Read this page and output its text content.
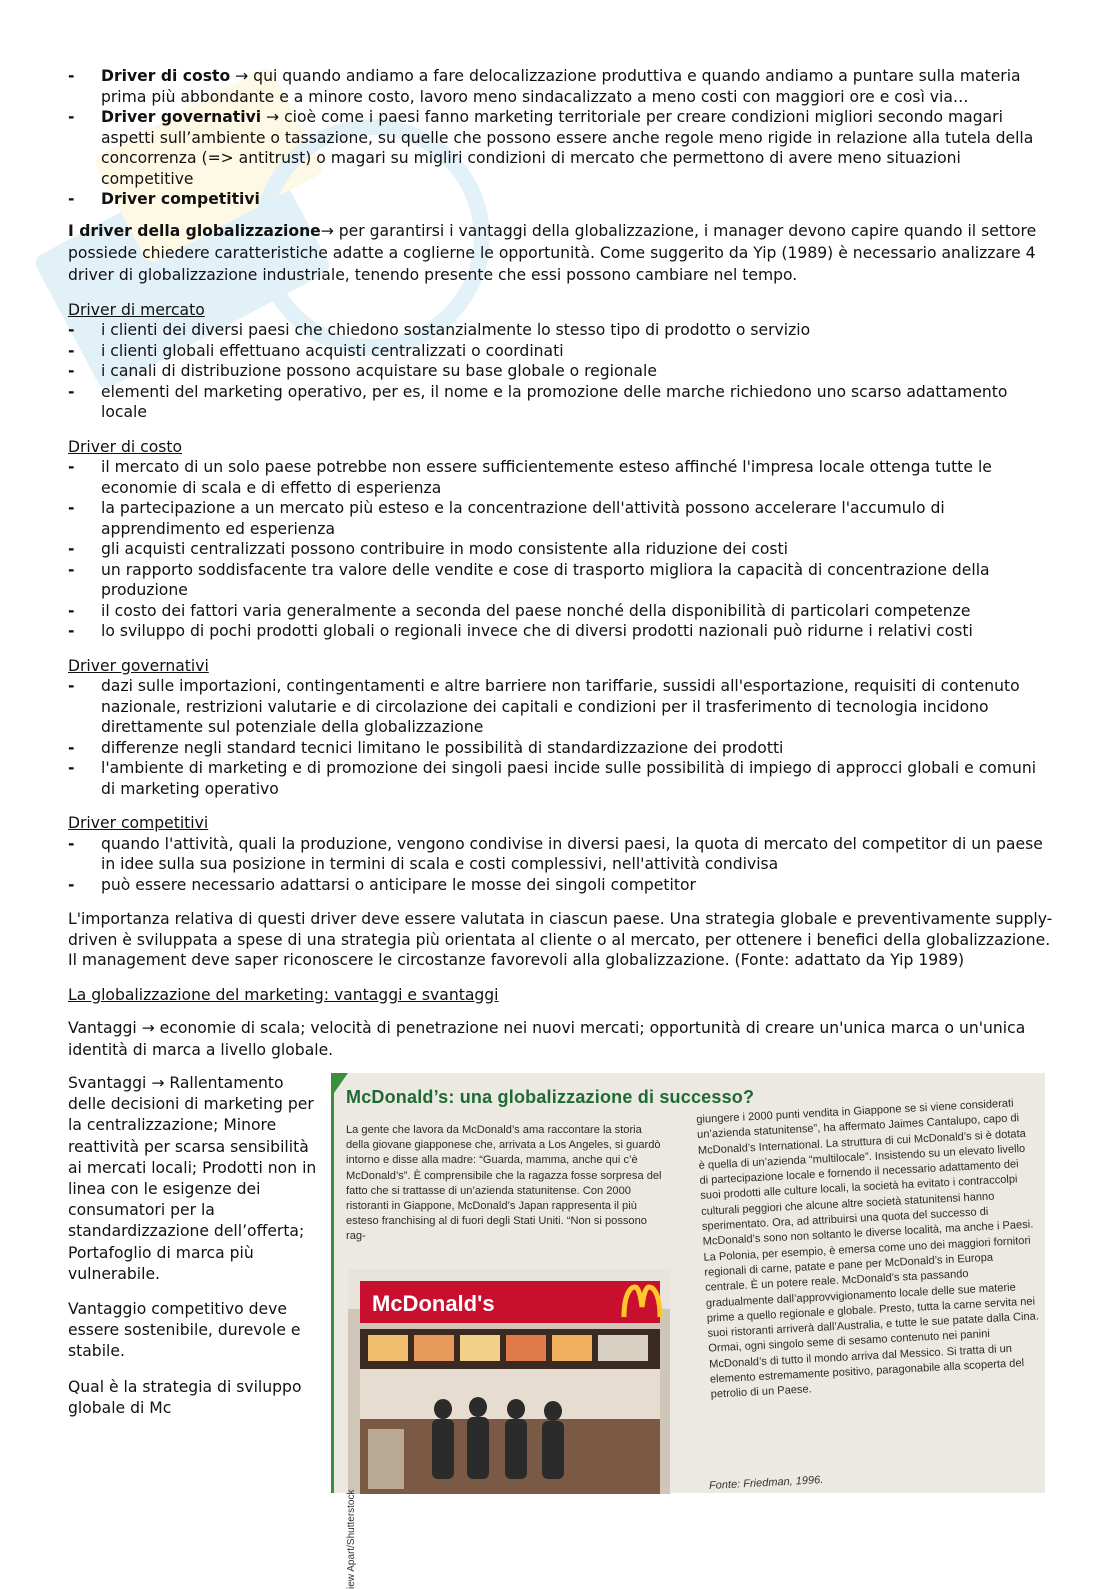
- Driver di costo → qui quando andiamo a fare delocalizzazione produttiva e quando andiamo a puntare sulla materia prima più abbondante e a minore costo, lavoro meno sindacalizzato a meno costi con maggiori ore e così via…
- Driver governativi → cioè come i paesi fanno marketing territoriale per creare condizioni migliori secondo magari aspetti sull’ambiente o tassazione, su quelle che possono essere anche regole meno rigide in relazione alla tutela della concorrenza (=> antitrust) o magari su migliri condizioni di mercato che permettono di avere meno situazioni competitive
- Driver competitivi

I driver della globalizzazione→ per garantirsi i vantaggi della globalizzazione, i manager devono capire quando il settore possiede chiedere caratteristiche adatte a coglierne le opportunità. Come suggerito da Yip (1989) è necessario analizzare 4 driver di globalizzazione industriale, tenendo presente che essi possono cambiare nel tempo.

Driver di mercato
- i clienti dei diversi paesi che chiedono sostanzialmente lo stesso tipo di prodotto o servizio
- i clienti globali effettuano acquisti centralizzati o coordinati
- i canali di distribuzione possono acquistare su base globale o regionale
- elementi del marketing operativo, per es, il nome e la promozione delle marche richiedono uno scarso adattamento locale
Driver di costo
- il mercato di un solo paese potrebbe non essere sufficientemente esteso affinché l'impresa locale ottenga tutte le economie di scala e di effetto di esperienza
- la partecipazione a un mercato più esteso e la concentrazione dell'attività possono accelerare l'accumulo di apprendimento ed esperienza
- gli acquisti centralizzati possono contribuire in modo consistente alla riduzione dei costi
- un rapporto soddisfacente tra valore delle vendite e cose di trasporto migliora la capacità di concentrazione della produzione
- il costo dei fattori varia generalmente a seconda del paese nonché della disponibilità di particolari competenze
- lo sviluppo di pochi prodotti globali o regionali invece che di diversi prodotti nazionali può ridurne i relativi costi
Driver governativi
- dazi sulle importazioni, contingentamenti e altre barriere non tariffarie, sussidi all'esportazione, requisiti di contenuto nazionale, restrizioni valutarie e di circolazione dei capitali e condizioni per il trasferimento di tecnologia incidono direttamente sul potenziale della globalizzazione
- differenze negli standard tecnici limitano le possibilità di standardizzazione dei prodotti
- l'ambiente di marketing e di promozione dei singoli paesi incide sulle possibilità di impiego di approcci globali e comuni di marketing operativo
Driver competitivi
- quando l'attività, quali la produzione, vengono condivise in diversi paesi, la quota di mercato del competitor di un paese in idee sulla sua posizione in termini di scala e costi complessivi, nell'attività condivisa
- può essere necessario adattarsi o anticipare le mosse dei singoli competitor

L'importanza relativa di questi driver deve essere valutata in ciascun paese. Una strategia globale e preventivamente supply-driven è sviluppata a spese di una strategia più orientata al cliente o al mercato, per ottenere i benefici della globalizzazione. Il management deve saper riconoscere le circostanze favorevoli alla globalizzazione. (Fonte: adattato da Yip 1989)

La globalizzazione del marketing: vantaggi e svantaggi

Vantaggi → economie di scala; velocità di penetrazione nei nuovi mercati; opportunità di creare un'unica marca o un'unica identità di marca a livello globale.

Svantaggi → Rallentamento delle decisioni di marketing per la centralizzazione; Minore reattività per scarsa sensibilità ai mercati locali; Prodotti non in linea con le esigenze dei consumatori per la standardizzazione dell’offerta; Portafoglio di marca più vulnerabile.

Vantaggio competitivo deve essere sostenibile, durevole e stabile.

Qual è la strategia di sviluppo globale di Mc

McDonald’s: una globalizzazione di successo?
La gente che lavora da McDonald’s ama raccontare la storia della giovane giapponese che, arrivata a Los Angeles, si guardò intorno e disse alla madre: “Guarda, mamma, anche qui c’è McDonald’s”. È comprensibile che la ragazza fosse sorpresa del fatto che si trattasse di un’azienda statunitense. Con 2000 ristoranti in Giappone, McDonald’s Japan rappresenta il più esteso franchising al di fuori degli Stati Uniti. “Non si possono rag-
giungere i 2000 punti vendita in Giappone se si viene considerati un’azienda statunitense”, ha affermato Jaimes Cantalupo, capo di McDonald’s International. La struttura di cui McDonald’s si è dotata è quella di un’azienda “multilocale”. Insistendo su un elevato livello di partecipazione locale e fornendo il necessario adattamento dei suoi prodotti alle culture locali, la società ha evitato i contraccolpi culturali peggiori che alcune altre società statunitensi hanno sperimentato. Ora, ad attribuirsi una quota del successo di McDonald’s sono non soltanto le diverse località, ma anche i Paesi. La Polonia, per esempio, è emersa come uno dei maggiori fornitori regionali di carne, patate e pane per McDonald’s in Europa centrale. È un potere reale. McDonald’s sta passando gradualmente dall’approvvigionamento locale delle sue materie prime a quello regionale e globale. Presto, tutta la carne servita nei suoi ristoranti arriverà dall’Australia, e tutte le sue patate dalla Cina. Ormai, ogni singolo seme di sesamo contenuto nei panini McDonald’s di tutto il mondo arriva dal Messico. Si tratta di un elemento estremamente positivo, paragonabile alla scoperta del petrolio di un Paese.
McDonald's
iew Apart/Shutterstock
Fonte: Friedman, 1996.
